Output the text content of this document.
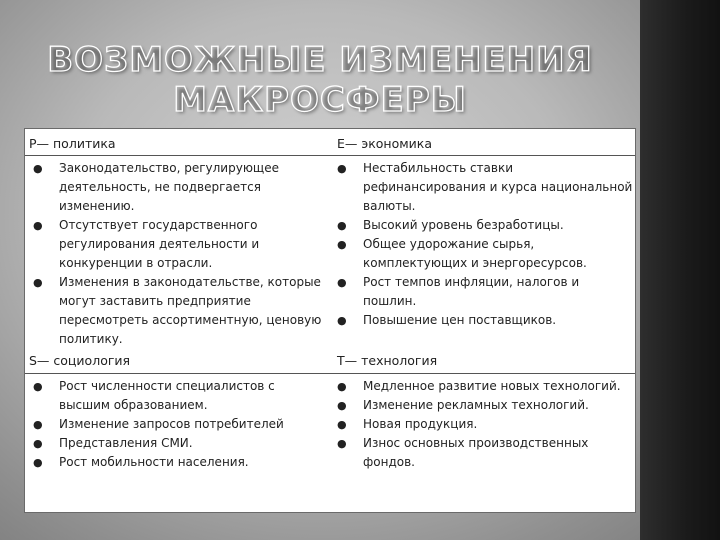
ВОЗМОЖНЫЕ ИЗМЕНЕНИЯ
МАКРОСФЕРЫ
P— политика	E— экономика
● Законодательство, регулирующее деятельность, не подвергается изменению.
● Отсутствует государственного регулирования деятельности и конкуренции в отрасли.
● Изменения в законодательстве, которые могут заставить предприятие пересмотреть ассортиментную, ценовую политику.
● Нестабильность ставки рефинансирования и курса национальной валюты.
● Высокий уровень безработицы.
● Общее удорожание сырья, комплектующих и энергоресурсов.
● Рост темпов инфляции, налогов и пошлин.
● Повышение цен поставщиков.
S— социология	T— технология
● Рост численности специалистов с высшим образованием.
● Изменение запросов потребителей
● Представления СМИ.
● Рост мобильности населения.
● Медленное развитие новых технологий.
● Изменение рекламных технологий.
● Новая продукция.
● Износ основных производственных фондов.
